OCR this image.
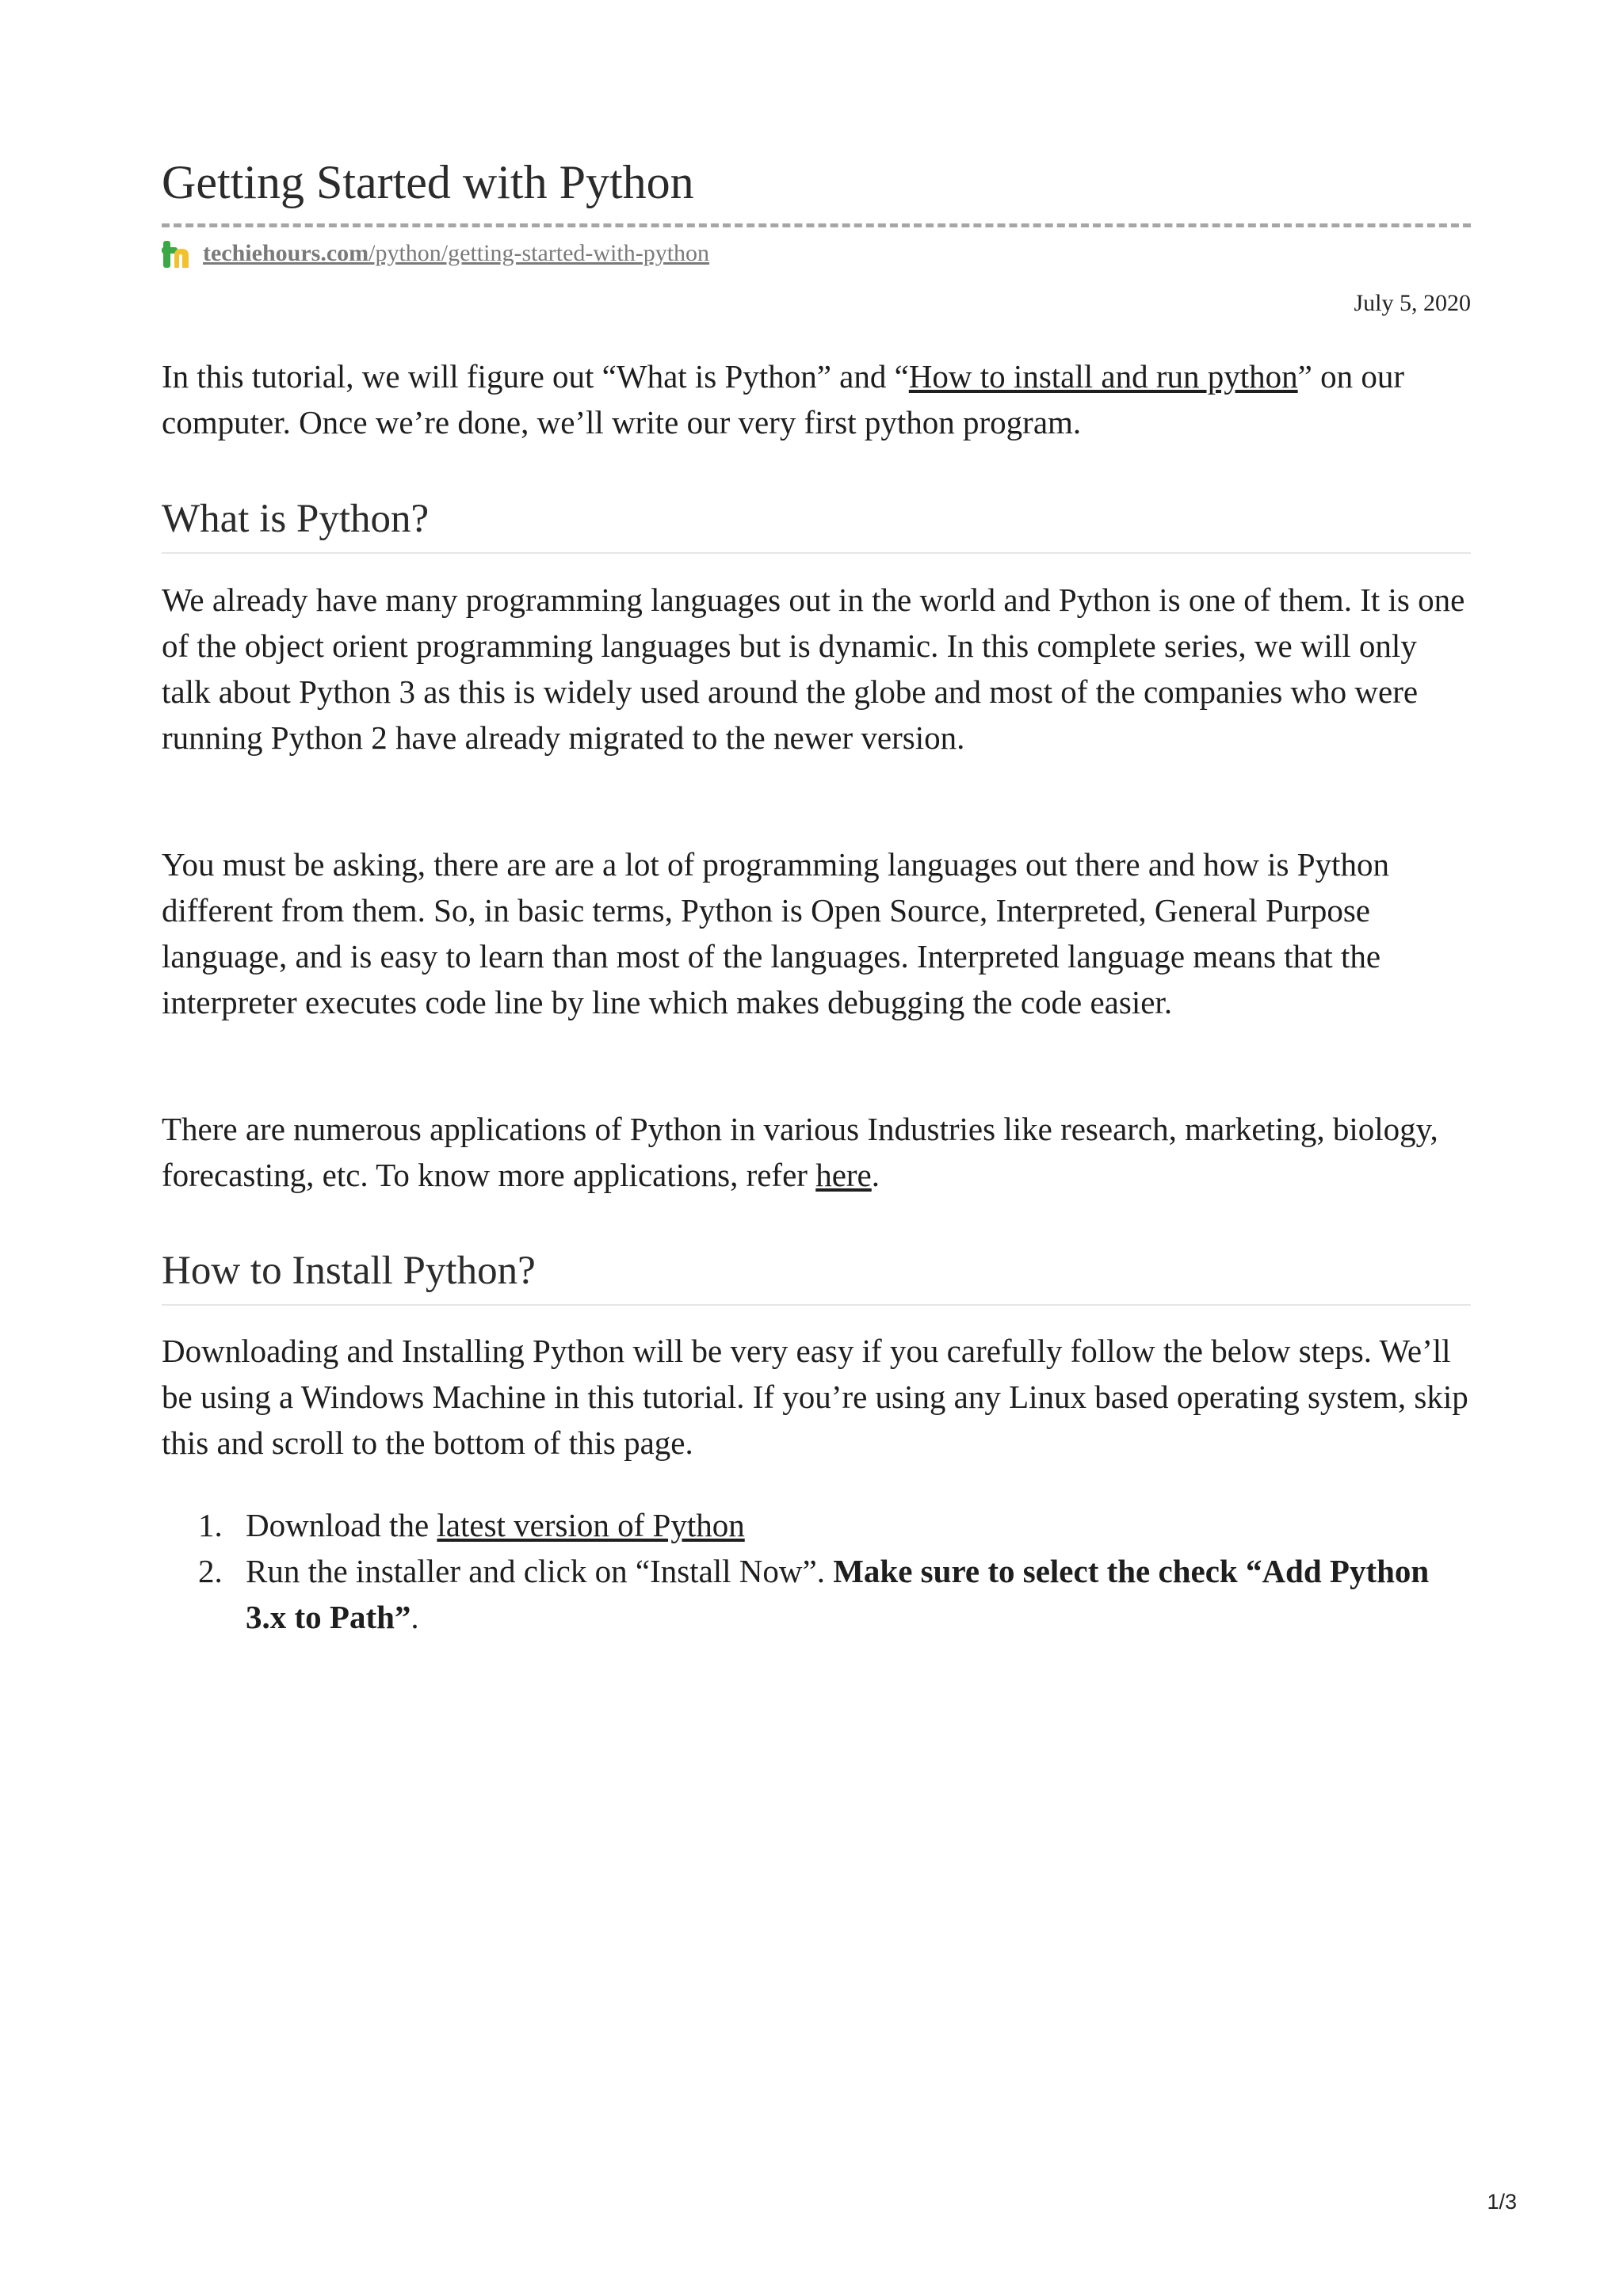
Getting Started with Python
techiehours.com/python/getting-started-with-python
July 5, 2020

In this tutorial, we will figure out “What is Python” and “How to install and run python” on our computer. Once we’re done, we’ll write our very first python program.

What is Python?

We already have many programming languages out in the world and Python is one of them. It is one of the object orient programming languages but is dynamic. In this complete series, we will only talk about Python 3 as this is widely used around the globe and most of the companies who were running Python 2 have already migrated to the newer version.

You must be asking, there are are a lot of programming languages out there and how is Python different from them. So, in basic terms, Python is Open Source, Interpreted, General Purpose language, and is easy to learn than most of the languages. Interpreted language means that the interpreter executes code line by line which makes debugging the code easier.

There are numerous applications of Python in various Industries like research, marketing, biology, forecasting, etc. To know more applications, refer here.

How to Install Python?

Downloading and Installing Python will be very easy if you carefully follow the below steps. We’ll be using a Windows Machine in this tutorial. If you’re using any Linux based operating system, skip this and scroll to the bottom of this page.

1. Download the latest version of Python
2. Run the installer and click on “Install Now”. Make sure to select the check “Add Python 3.x to Path”.
1/3
